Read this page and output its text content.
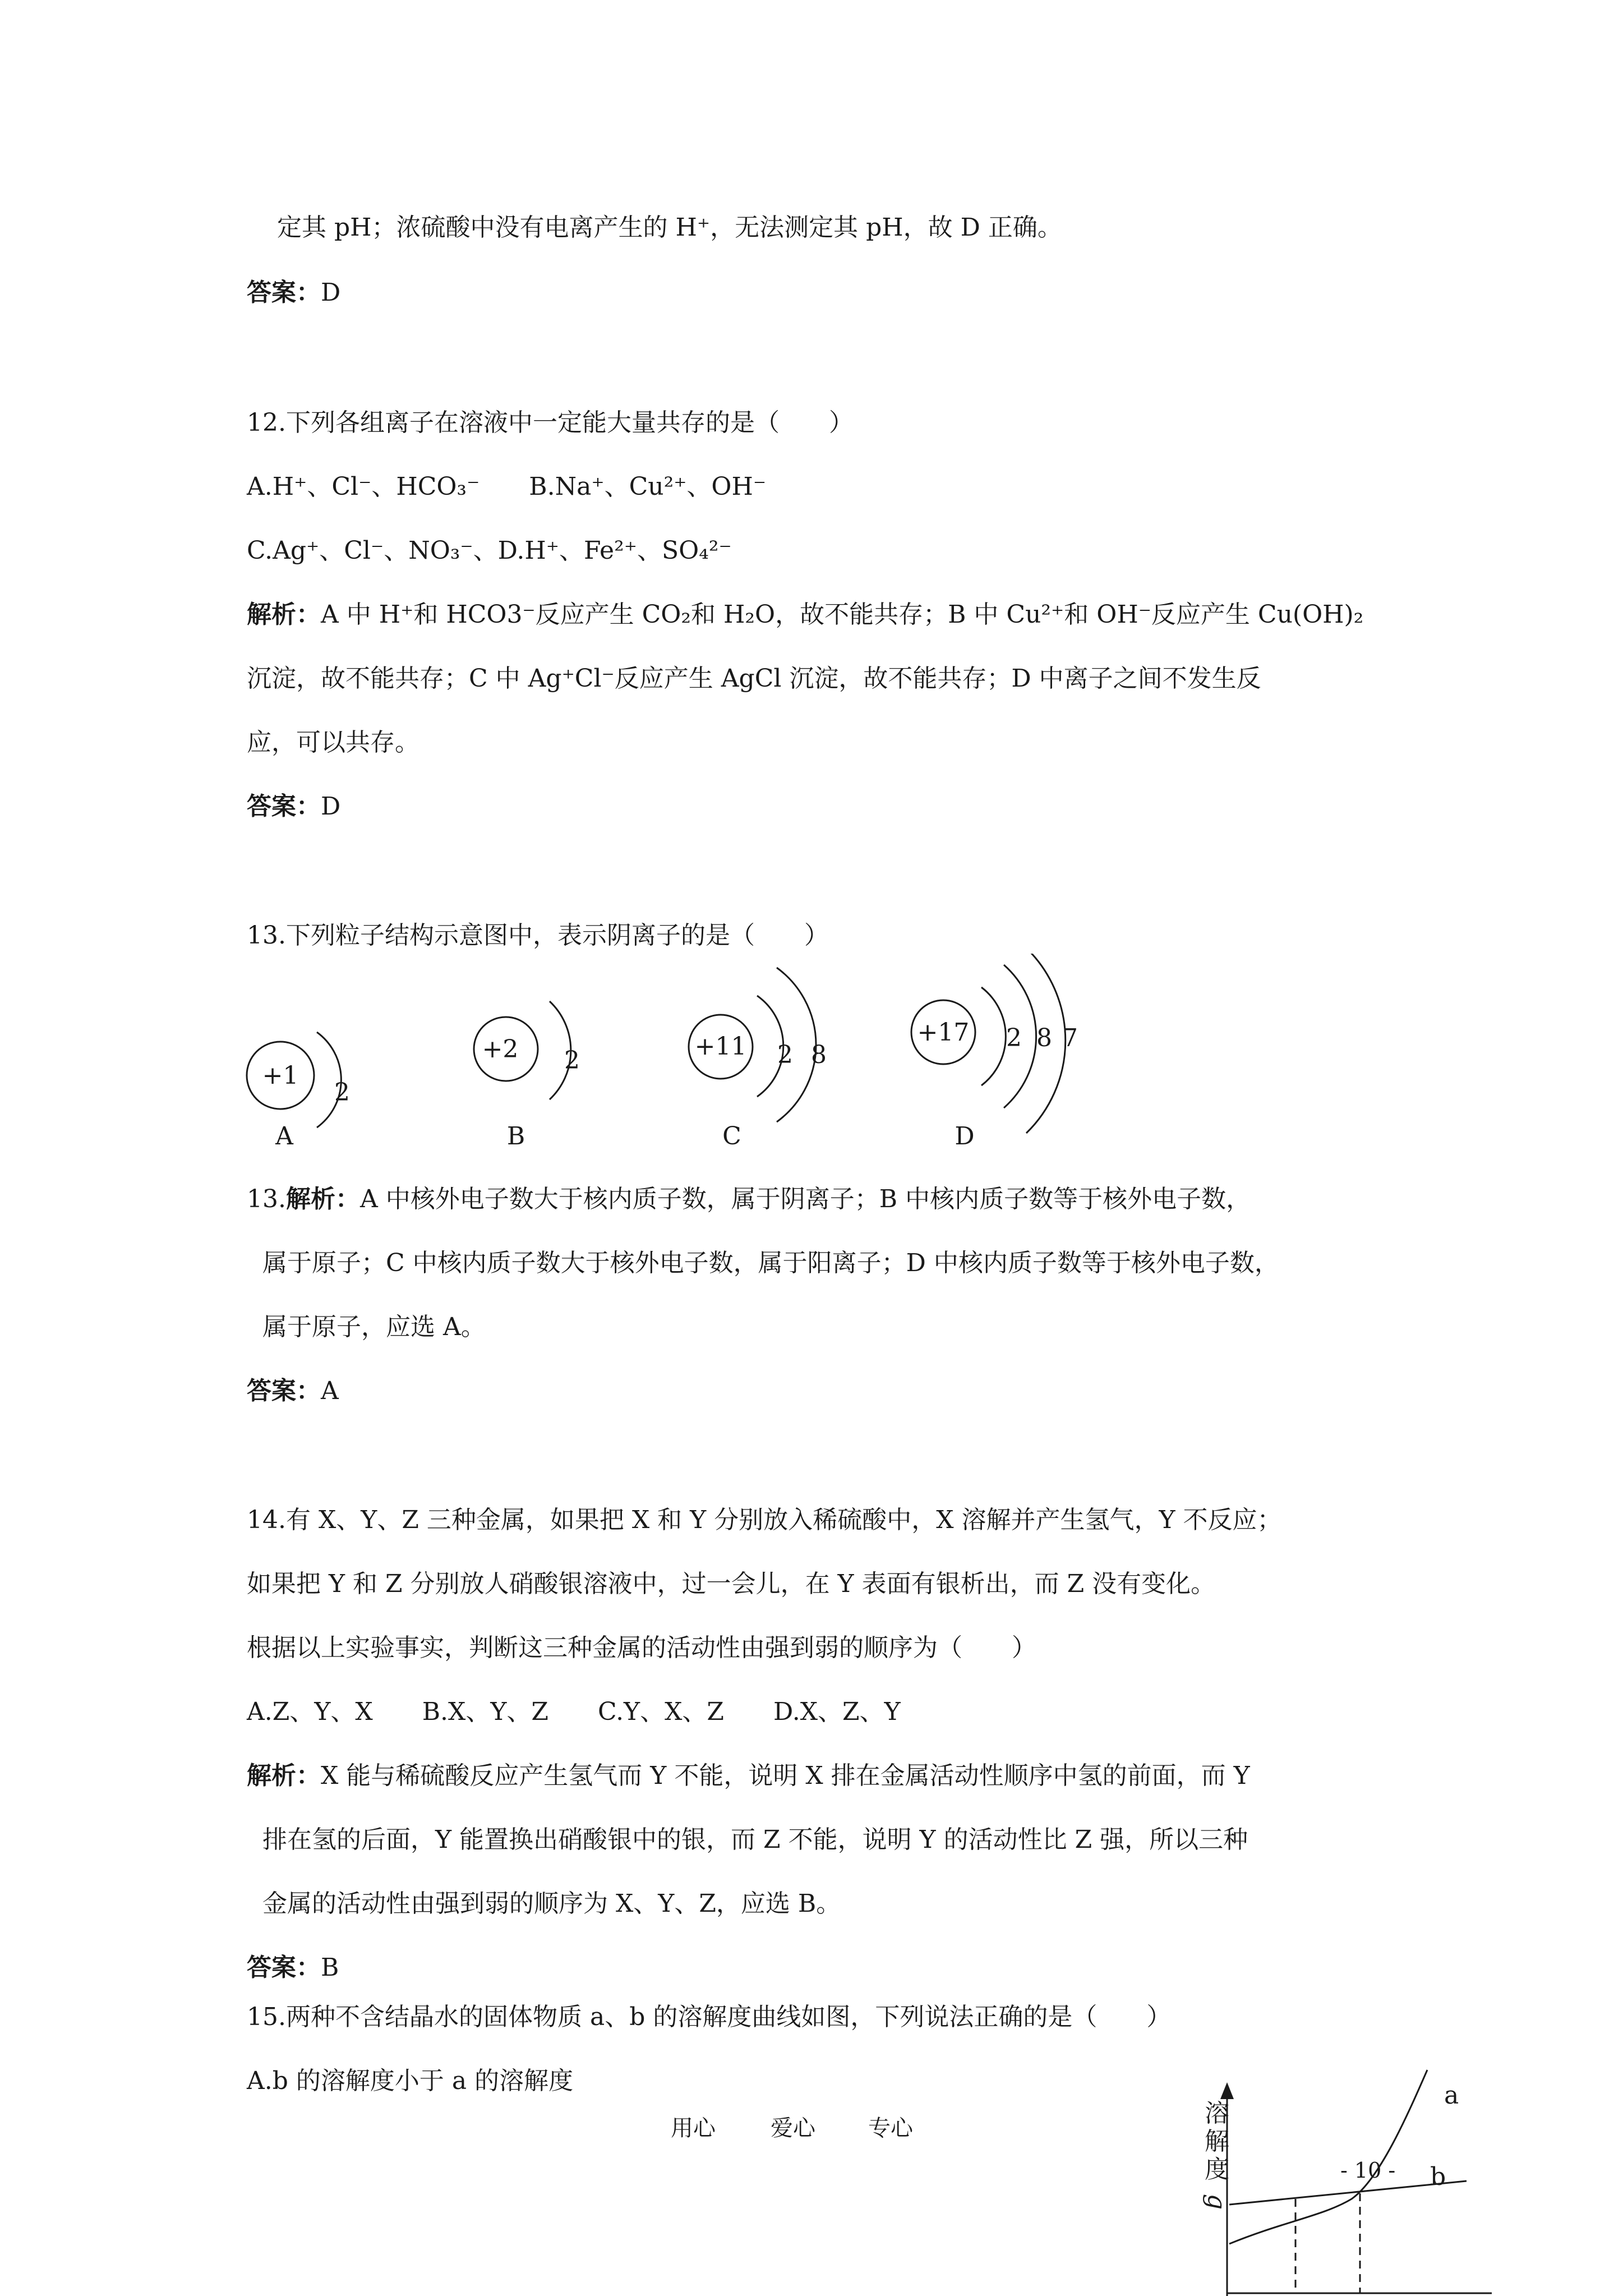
定其 pH；浓硫酸中没有电离产生的 H⁺，无法测定其 pH，故 D 正确。
答案：D
12.下列各组离子在溶液中一定能大量共存的是（　　）
A.H⁺、Cl⁻、HCO₃⁻　　B.Na⁺、Cu²⁺、OH⁻
C.Ag⁺、Cl⁻、NO₃⁻、D.H⁺、Fe²⁺、SO₄²⁻
解析：A 中 H⁺和 HCO3⁻反应产生 CO₂和 H₂O，故不能共存；B 中 Cu²⁺和 OH⁻反应产生 Cu(OH)₂
沉淀，故不能共存；C 中 Ag⁺Cl⁻反应产生 AgCl 沉淀，故不能共存；D 中离子之间不发生反
应，可以共存。
答案：D
13.下列粒子结构示意图中，表示阴离子的是（　　）
+1
2
A
+2 2
B
+11 2 8
C
+17 2 8 7
D
13.解析：A 中核外电子数大于核内质子数，属于阴离子；B 中核内质子数等于核外电子数，
属于原子；C 中核内质子数大于核外电子数，属于阳离子；D 中核内质子数等于核外电子数，
属于原子，应选 A。
答案：A
14.有 X、Y、Z 三种金属，如果把 X 和 Y 分别放入稀硫酸中，X 溶解并产生氢气，Y 不反应；
如果把 Y 和 Z 分别放人硝酸银溶液中，过一会儿，在 Y 表面有银析出，而 Z 没有变化。
根据以上实验事实，判断这三种金属的活动性由强到弱的顺序为（　　）
A.Z、Y、X　　B.X、Y、Z　　C.Y、X、Z　　D.X、Z、Y
解析：X 能与稀硫酸反应产生氢气而 Y 不能，说明 X 排在金属活动性顺序中氢的前面，而 Y
排在氢的后面，Y 能置换出硝酸银中的银，而 Z 不能，说明 Y 的活动性比 Z 强，所以三种
金属的活动性由强到弱的顺序为 X、Y、Z，应选 B。
答案：B
15.两种不含结晶水的固体物质 a、b 的溶解度曲线如图，下列说法正确的是（　　）
A.b 的溶解度小于 a 的溶解度
溶
解
度
g
a
b
- 10 -
用心 爱心 专心
